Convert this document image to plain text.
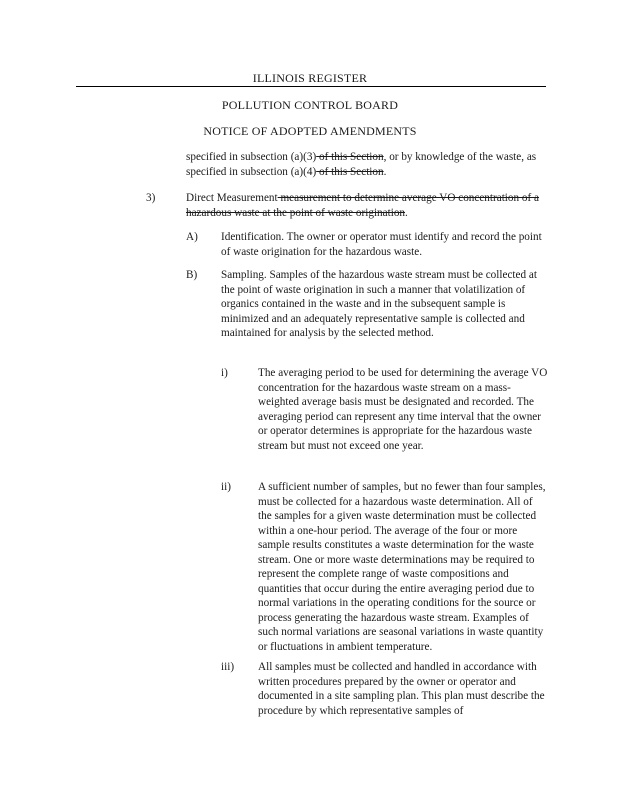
ILLINOIS REGISTER
POLLUTION CONTROL BOARD
NOTICE OF ADOPTED AMENDMENTS
specified in subsection (a)(3) of this Section, or by knowledge of the waste, as specified in subsection (a)(4) of this Section.
3)	Direct Measurement measurement to determine average VO concentration of a hazardous waste at the point of waste origination.
A) Identification. The owner or operator must identify and record the point of waste origination for the hazardous waste.
B) Sampling. Samples of the hazardous waste stream must be collected at the point of waste origination in such a manner that volatilization of organics contained in the waste and in the subsequent sample is minimized and an adequately representative sample is collected and maintained for analysis by the selected method.
i)	The averaging period to be used for determining the average VO concentration for the hazardous waste stream on a mass-weighted average basis must be designated and recorded. The averaging period can represent any time interval that the owner or operator determines is appropriate for the hazardous waste stream but must not exceed one year.
ii) A sufficient number of samples, but no fewer than four samples, must be collected for a hazardous waste determination. All of the samples for a given waste determination must be collected within a one-hour period. The average of the four or more sample results constitutes a waste determination for the waste stream. One or more waste determinations may be required to represent the complete range of waste compositions and quantities that occur during the entire averaging period due to normal variations in the operating conditions for the source or process generating the hazardous waste stream. Examples of such normal variations are seasonal variations in waste quantity or fluctuations in ambient temperature.
iii) All samples must be collected and handled in accordance with written procedures prepared by the owner or operator and documented in a site sampling plan. This plan must describe the procedure by which representative samples of
